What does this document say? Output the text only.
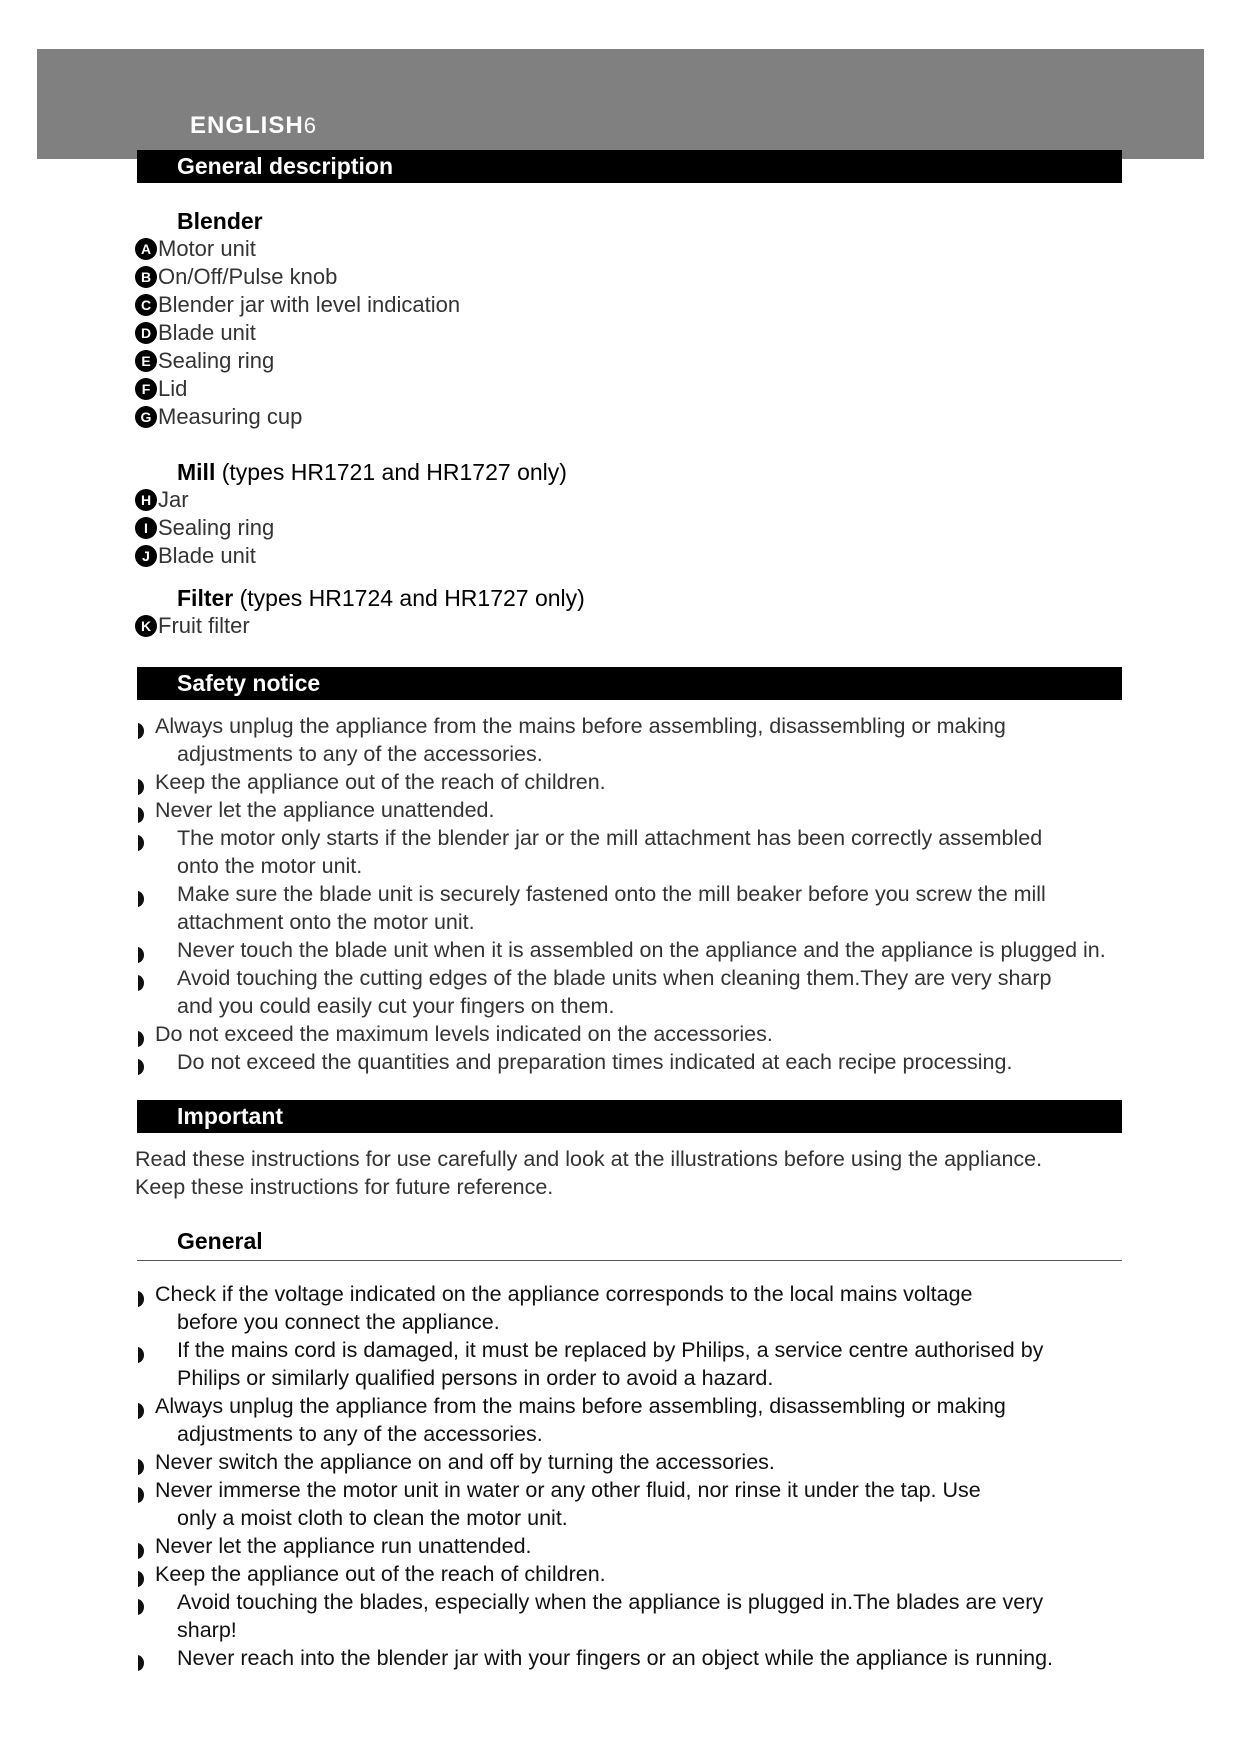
ENGLISH6
General description
Blender
A Motor unit
B On/Off/Pulse knob
C Blender jar with level indication
D Blade unit
E Sealing ring
F Lid
G Measuring cup
Mill (types HR1721 and HR1727 only)
H Jar
I Sealing ring
J Blade unit
Filter (types HR1724 and HR1727 only)
K Fruit filter
Safety notice
Always unplug the appliance from the mains before assembling, disassembling or making
adjustments to any of the accessories.
Keep the appliance out of the reach of children.
Never let the appliance unattended.
The motor only starts if the blender jar or the mill attachment has been correctly assembled
onto the motor unit.
Make sure the blade unit is securely fastened onto the mill beaker before you screw the mill
attachment onto the motor unit.
Never touch the blade unit when it is assembled on the appliance and the appliance is plugged in.
Avoid touching the cutting edges of the blade units when cleaning them.They are very sharp
and you could easily cut your fingers on them.
Do not exceed the maximum levels indicated on the accessories.
Do not exceed the quantities and preparation times indicated at each recipe processing.
Important
Read these instructions for use carefully and look at the illustrations before using the appliance.
Keep these instructions for future reference.
General
Check if the voltage indicated on the appliance corresponds to the local mains voltage
before you connect the appliance.
If the mains cord is damaged, it must be replaced by Philips, a service centre authorised by
Philips or similarly qualified persons in order to avoid a hazard.
Always unplug the appliance from the mains before assembling, disassembling or making
adjustments to any of the accessories.
Never switch the appliance on and off by turning the accessories.
Never immerse the motor unit in water or any other fluid, nor rinse it under the tap. Use
only a moist cloth to clean the motor unit.
Never let the appliance run unattended.
Keep the appliance out of the reach of children.
Avoid touching the blades, especially when the appliance is plugged in.The blades are very
sharp!
Never reach into the blender jar with your fingers or an object while the appliance is running.
